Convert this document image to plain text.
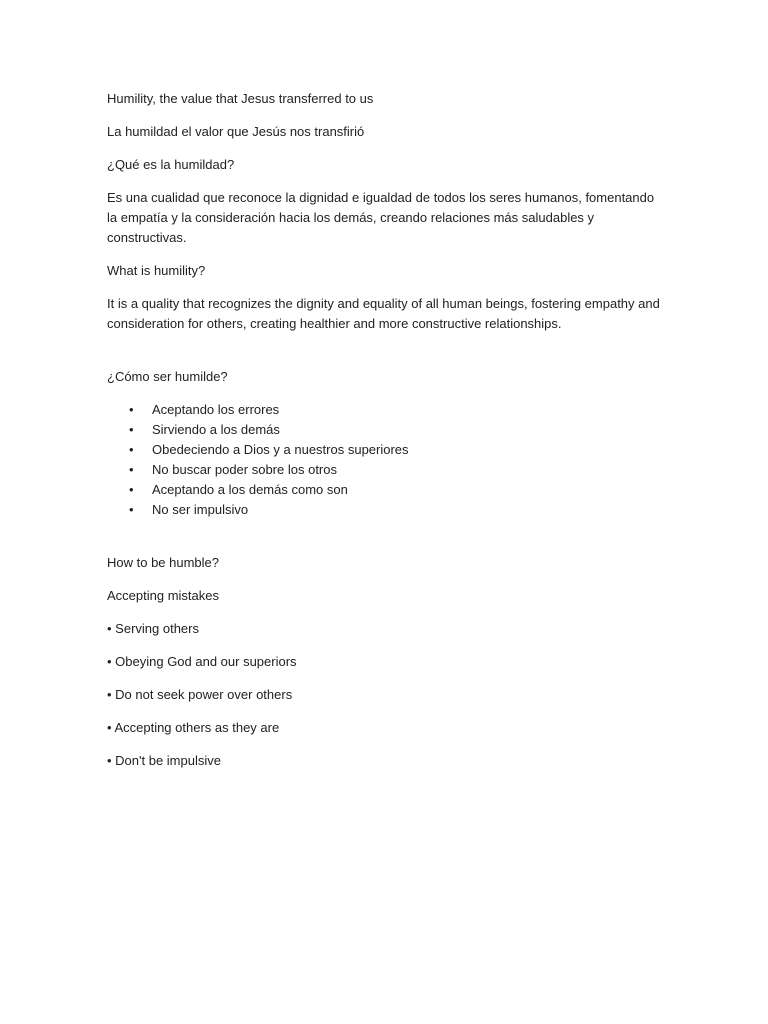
Humility, the value that Jesus transferred to us

La humildad el valor que Jesús nos transfirió

¿Qué es la humildad?

Es una cualidad que reconoce la dignidad e igualdad de todos los seres humanos, fomentando la empatía y la consideración hacia los demás, creando relaciones más saludables y constructivas.

What is humility?

It is a quality that recognizes the dignity and equality of all human beings, fostering empathy and consideration for others, creating healthier and more constructive relationships.

¿Cómo ser humilde?

• Aceptando los errores
• Sirviendo a los demás
• Obedeciendo a Dios y a nuestros superiores
• No buscar poder sobre los otros
• Aceptando a los demás como son
• No ser impulsivo

How to be humble?

Accepting mistakes

• Serving others

• Obeying God and our superiors

• Do not seek power over others

• Accepting others as they are

• Don't be impulsive
